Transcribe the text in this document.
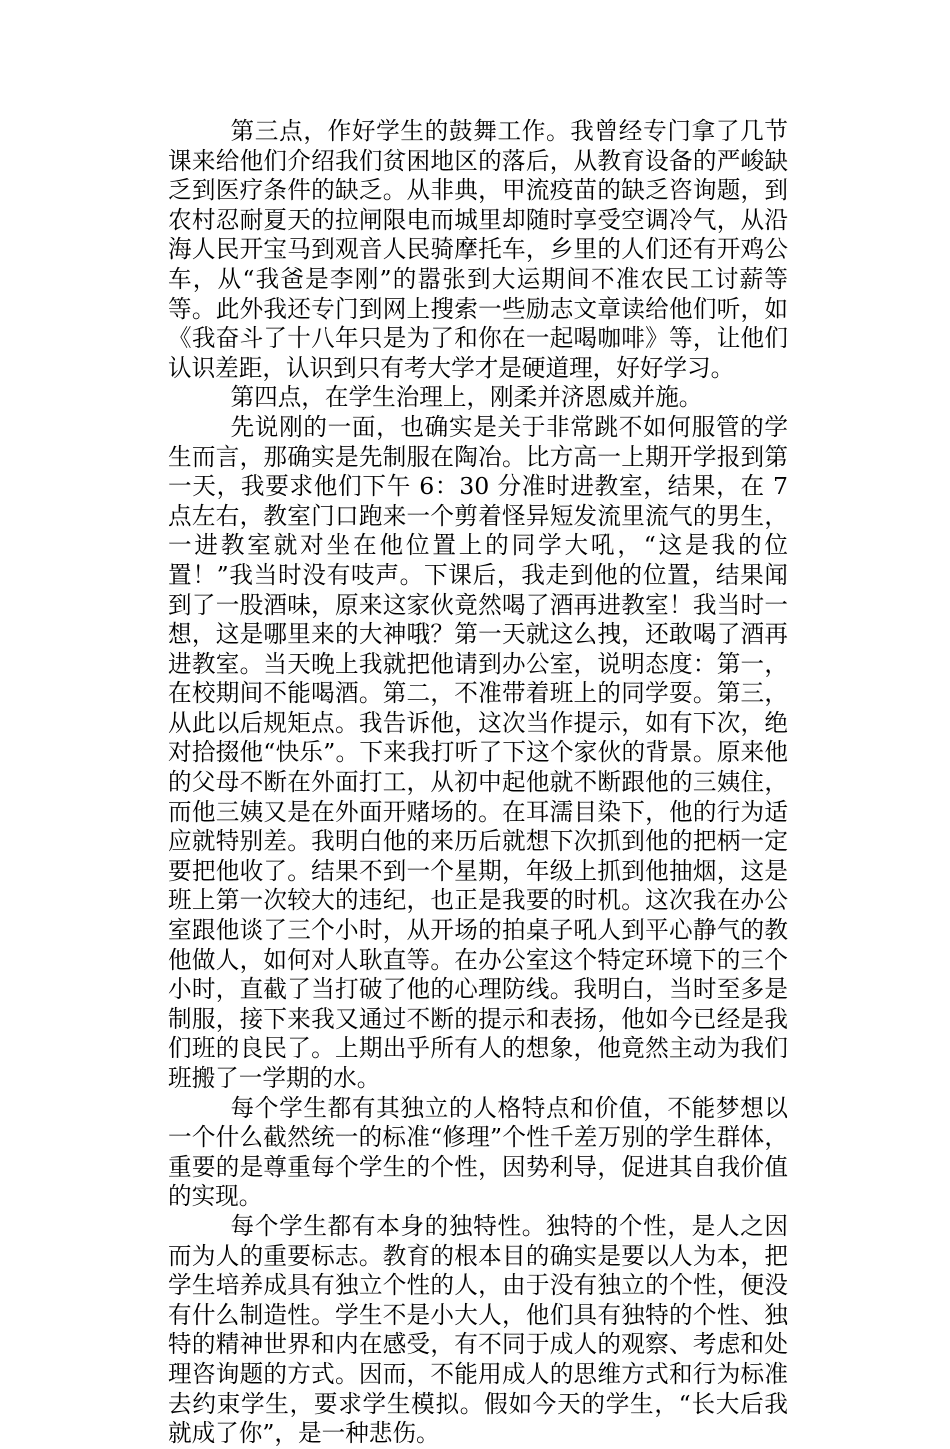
第三点，作好学生的鼓舞工作。我曾经专门拿了几节课来给他们介绍我们贫困地区的落后，从教育设备的严峻缺乏到医疗条件的缺乏。从非典，甲流疫苗的缺乏咨询题，到农村忍耐夏天的拉闸限电而城里却随时享受空调冷气，从沿海人民开宝马到观音人民骑摩托车，乡里的人们还有开鸡公车，从“我爸是李刚”的嚣张到大运期间不准农民工讨薪等等。此外我还专门到网上搜索一些励志文章读给他们听，如《我奋斗了十八年只是为了和你在一起喝咖啡》等，让他们认识差距，认识到只有考大学才是硬道理，好好学习。

第四点，在学生治理上，刚柔并济恩威并施。

先说刚的一面，也确实是关于非常跳不如何服管的学生而言，那确实是先制服在陶冶。比方高一上期开学报到第一天，我要求他们下午 6：30 分准时进教室，结果，在 7 点左右，教室门口跑来一个剪着怪异短发流里流气的男生，一进教室就对坐在他位置上的同学大吼，“这是我的位置！”我当时没有吱声。下课后，我走到他的位置，结果闻到了一股酒味，原来这家伙竟然喝了酒再进教室！我当时一想，这是哪里来的大神哦？第一天就这么拽，还敢喝了酒再进教室。当天晚上我就把他请到办公室，说明态度：第一，在校期间不能喝酒。第二，不准带着班上的同学耍。第三，从此以后规矩点。我告诉他，这次当作提示，如有下次，绝对拾掇他“快乐”。下来我打听了下这个家伙的背景。原来他的父母不断在外面打工，从初中起他就不断跟他的三姨住，而他三姨又是在外面开赌场的。在耳濡目染下，他的行为适应就特别差。我明白他的来历后就想下次抓到他的把柄一定要把他收了。结果不到一个星期，年级上抓到他抽烟，这是班上第一次较大的违纪，也正是我要的时机。这次我在办公室跟他谈了三个小时，从开场的拍桌子吼人到平心静气的教他做人，如何对人耿直等。在办公室这个特定环境下的三个小时，直截了当打破了他的心理防线。我明白，当时至多是制服，接下来我又通过不断的提示和表扬，他如今已经是我们班的良民了。上期出乎所有人的想象，他竟然主动为我们班搬了一学期的水。

每个学生都有其独立的人格特点和价值，不能梦想以一个什么截然统一的标准“修理”个性千差万别的学生群体，重要的是尊重每个学生的个性，因势利导，促进其自我价值的实现。

每个学生都有本身的独特性。独特的个性，是人之因而为人的重要标志。教育的根本目的确实是要以人为本，把学生培养成具有独立个性的人，由于没有独立的个性，便没有什么制造性。学生不是小大人，他们具有独特的个性、独特的精神世界和内在感受，有不同于成人的观察、考虑和处理咨询题的方式。因而，不能用成人的思维方式和行为标准去约束学生，要求学生模拟。假如今天的学生，“长大后我就成了你”，是一种悲伤。
